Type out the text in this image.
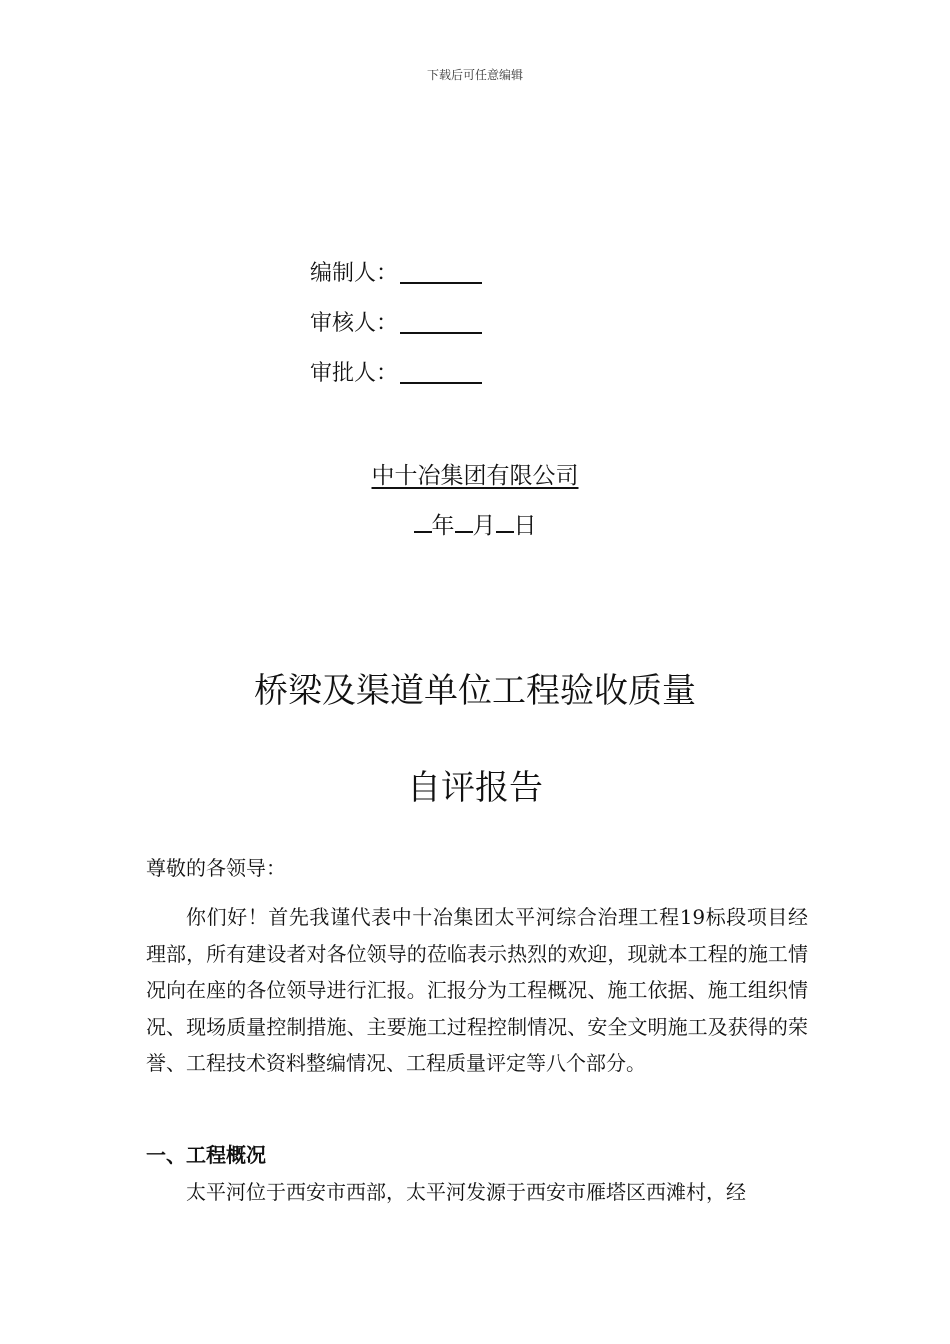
下载后可任意编辑
编制人：
审核人：
审批人：
中十冶集团有限公司
年 月 日
桥梁及渠道单位工程验收质量
自评报告
尊敬的各领导：
你们好！首先我谨代表中十冶集团太平河综合治理工程19标段项目经理部，所有建设者对各位领导的莅临表示热烈的欢迎，现就本工程的施工情况向在座的各位领导进行汇报。汇报分为工程概况、施工依据、施工组织情况、现场质量控制措施、主要施工过程控制情况、安全文明施工及获得的荣誉、工程技术资料整编情况、工程质量评定等八个部分。
一、工程概况
太平河位于西安市西部，太平河发源于西安市雁塔区西滩村，经
